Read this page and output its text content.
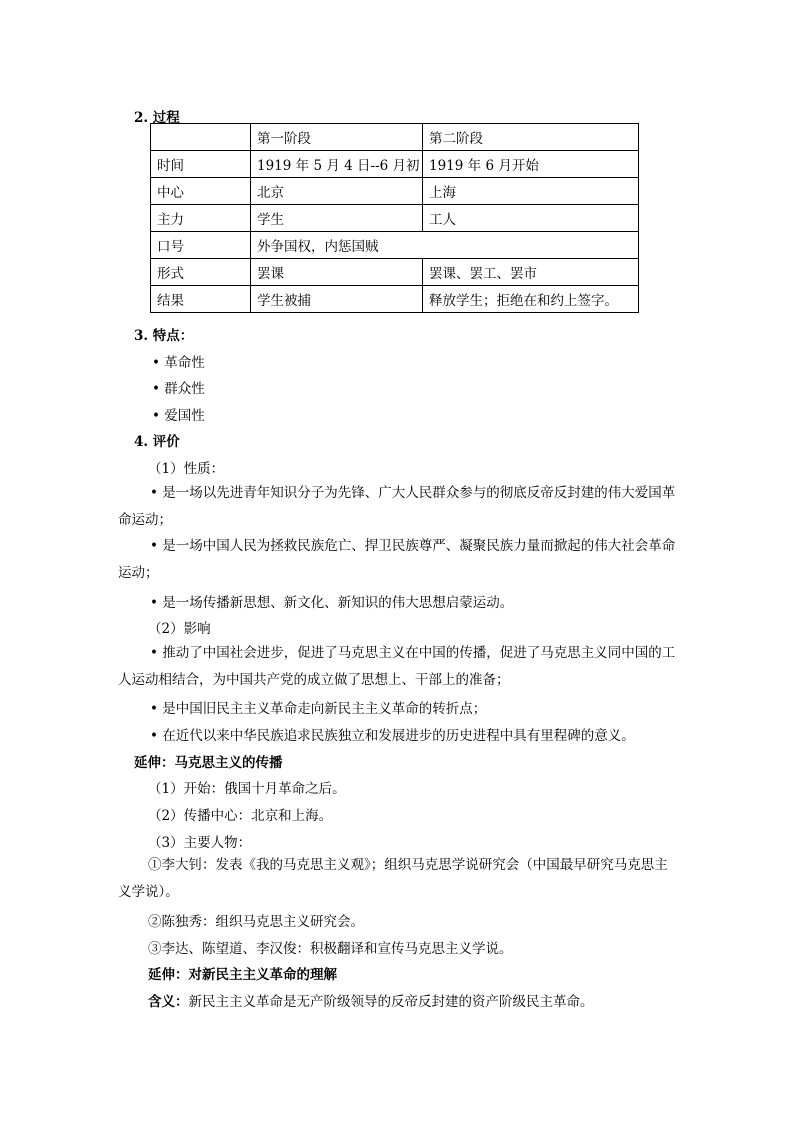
2. 过程
	第一阶段	第二阶段
时间	1919 年 5 月 4 日--6 月初	1919 年 6 月开始
中心	北京	上海
主力	学生	工人
口号	外争国权，内惩国贼	
形式	罢课	罢课、罢工、罢市
结果	学生被捕	释放学生；拒绝在和约上签字。
3. 特点：
• 革命性
• 群众性
• 爱国性
4. 评价
（1）性质：
• 是一场以先进青年知识分子为先锋、广大人民群众参与的彻底反帝反封建的伟大爱国革命运动；
• 是一场中国人民为拯救民族危亡、捍卫民族尊严、凝聚民族力量而掀起的伟大社会革命运动；
• 是一场传播新思想、新文化、新知识的伟大思想启蒙运动。
（2）影响
• 推动了中国社会进步，促进了马克思主义在中国的传播，促进了马克思主义同中国的工人运动相结合，为中国共产党的成立做了思想上、干部上的准备；
• 是中国旧民主主义革命走向新民主主义革命的转折点；
• 在近代以来中华民族追求民族独立和发展进步的历史进程中具有里程碑的意义。
延伸：马克思主义的传播
（1）开始：俄国十月革命之后。
（2）传播中心：北京和上海。
（3）主要人物：
①李大钊：发表《我的马克思主义观》；组织马克思学说研究会（中国最早研究马克思主义学说）。
②陈独秀：组织马克思主义研究会。
③李达、陈望道、李汉俊：积极翻译和宣传马克思主义学说。
延伸：对新民主主义革命的理解
含义：新民主主义革命是无产阶级领导的反帝反封建的资产阶级民主革命。
